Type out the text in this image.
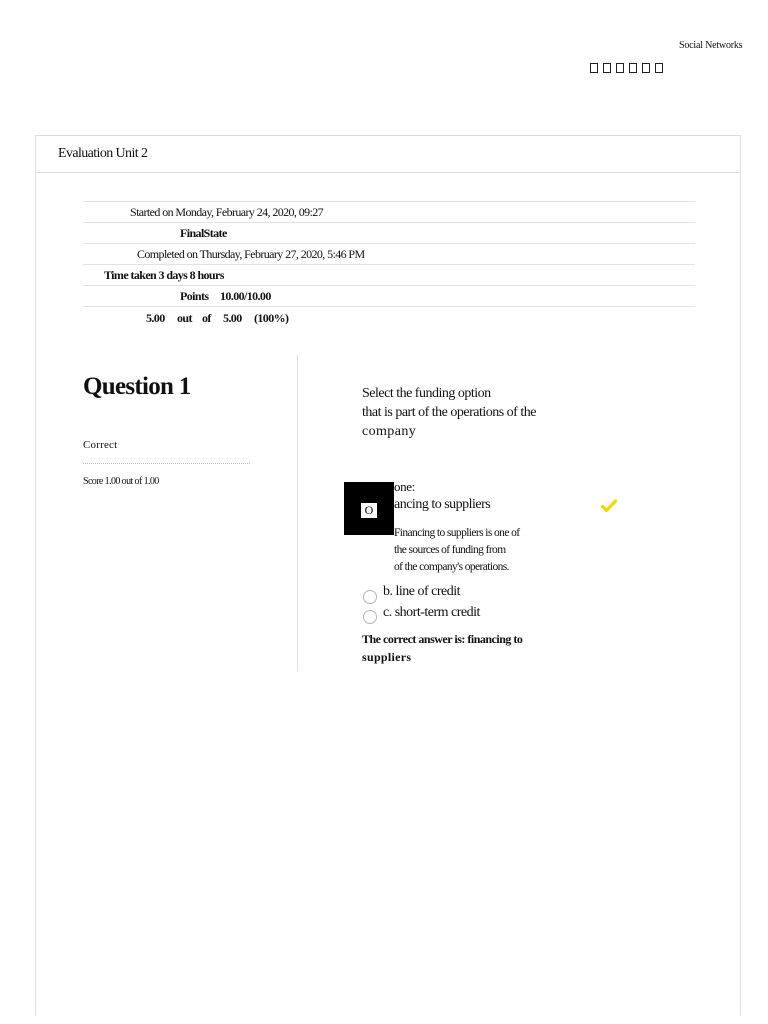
Social Networks
Evaluation Unit 2
Started on Monday, February 24, 2020, 09:27
FinalState
Completed on Thursday, February 27, 2020, 5:46 PM
Time taken 3 days 8 hours
Points 10.00/10.00
5.00 out of 5.00 (100%)
Question 1
Correct
Score 1.00 out of 1.00
Select the funding option
that is part of the operations of the
company
one:
ancing to suppliers
O
Financing to suppliers is one of
the sources of funding from
of the company's operations.
b. line of credit
c. short-term credit
The correct answer is: financing to
suppliers
